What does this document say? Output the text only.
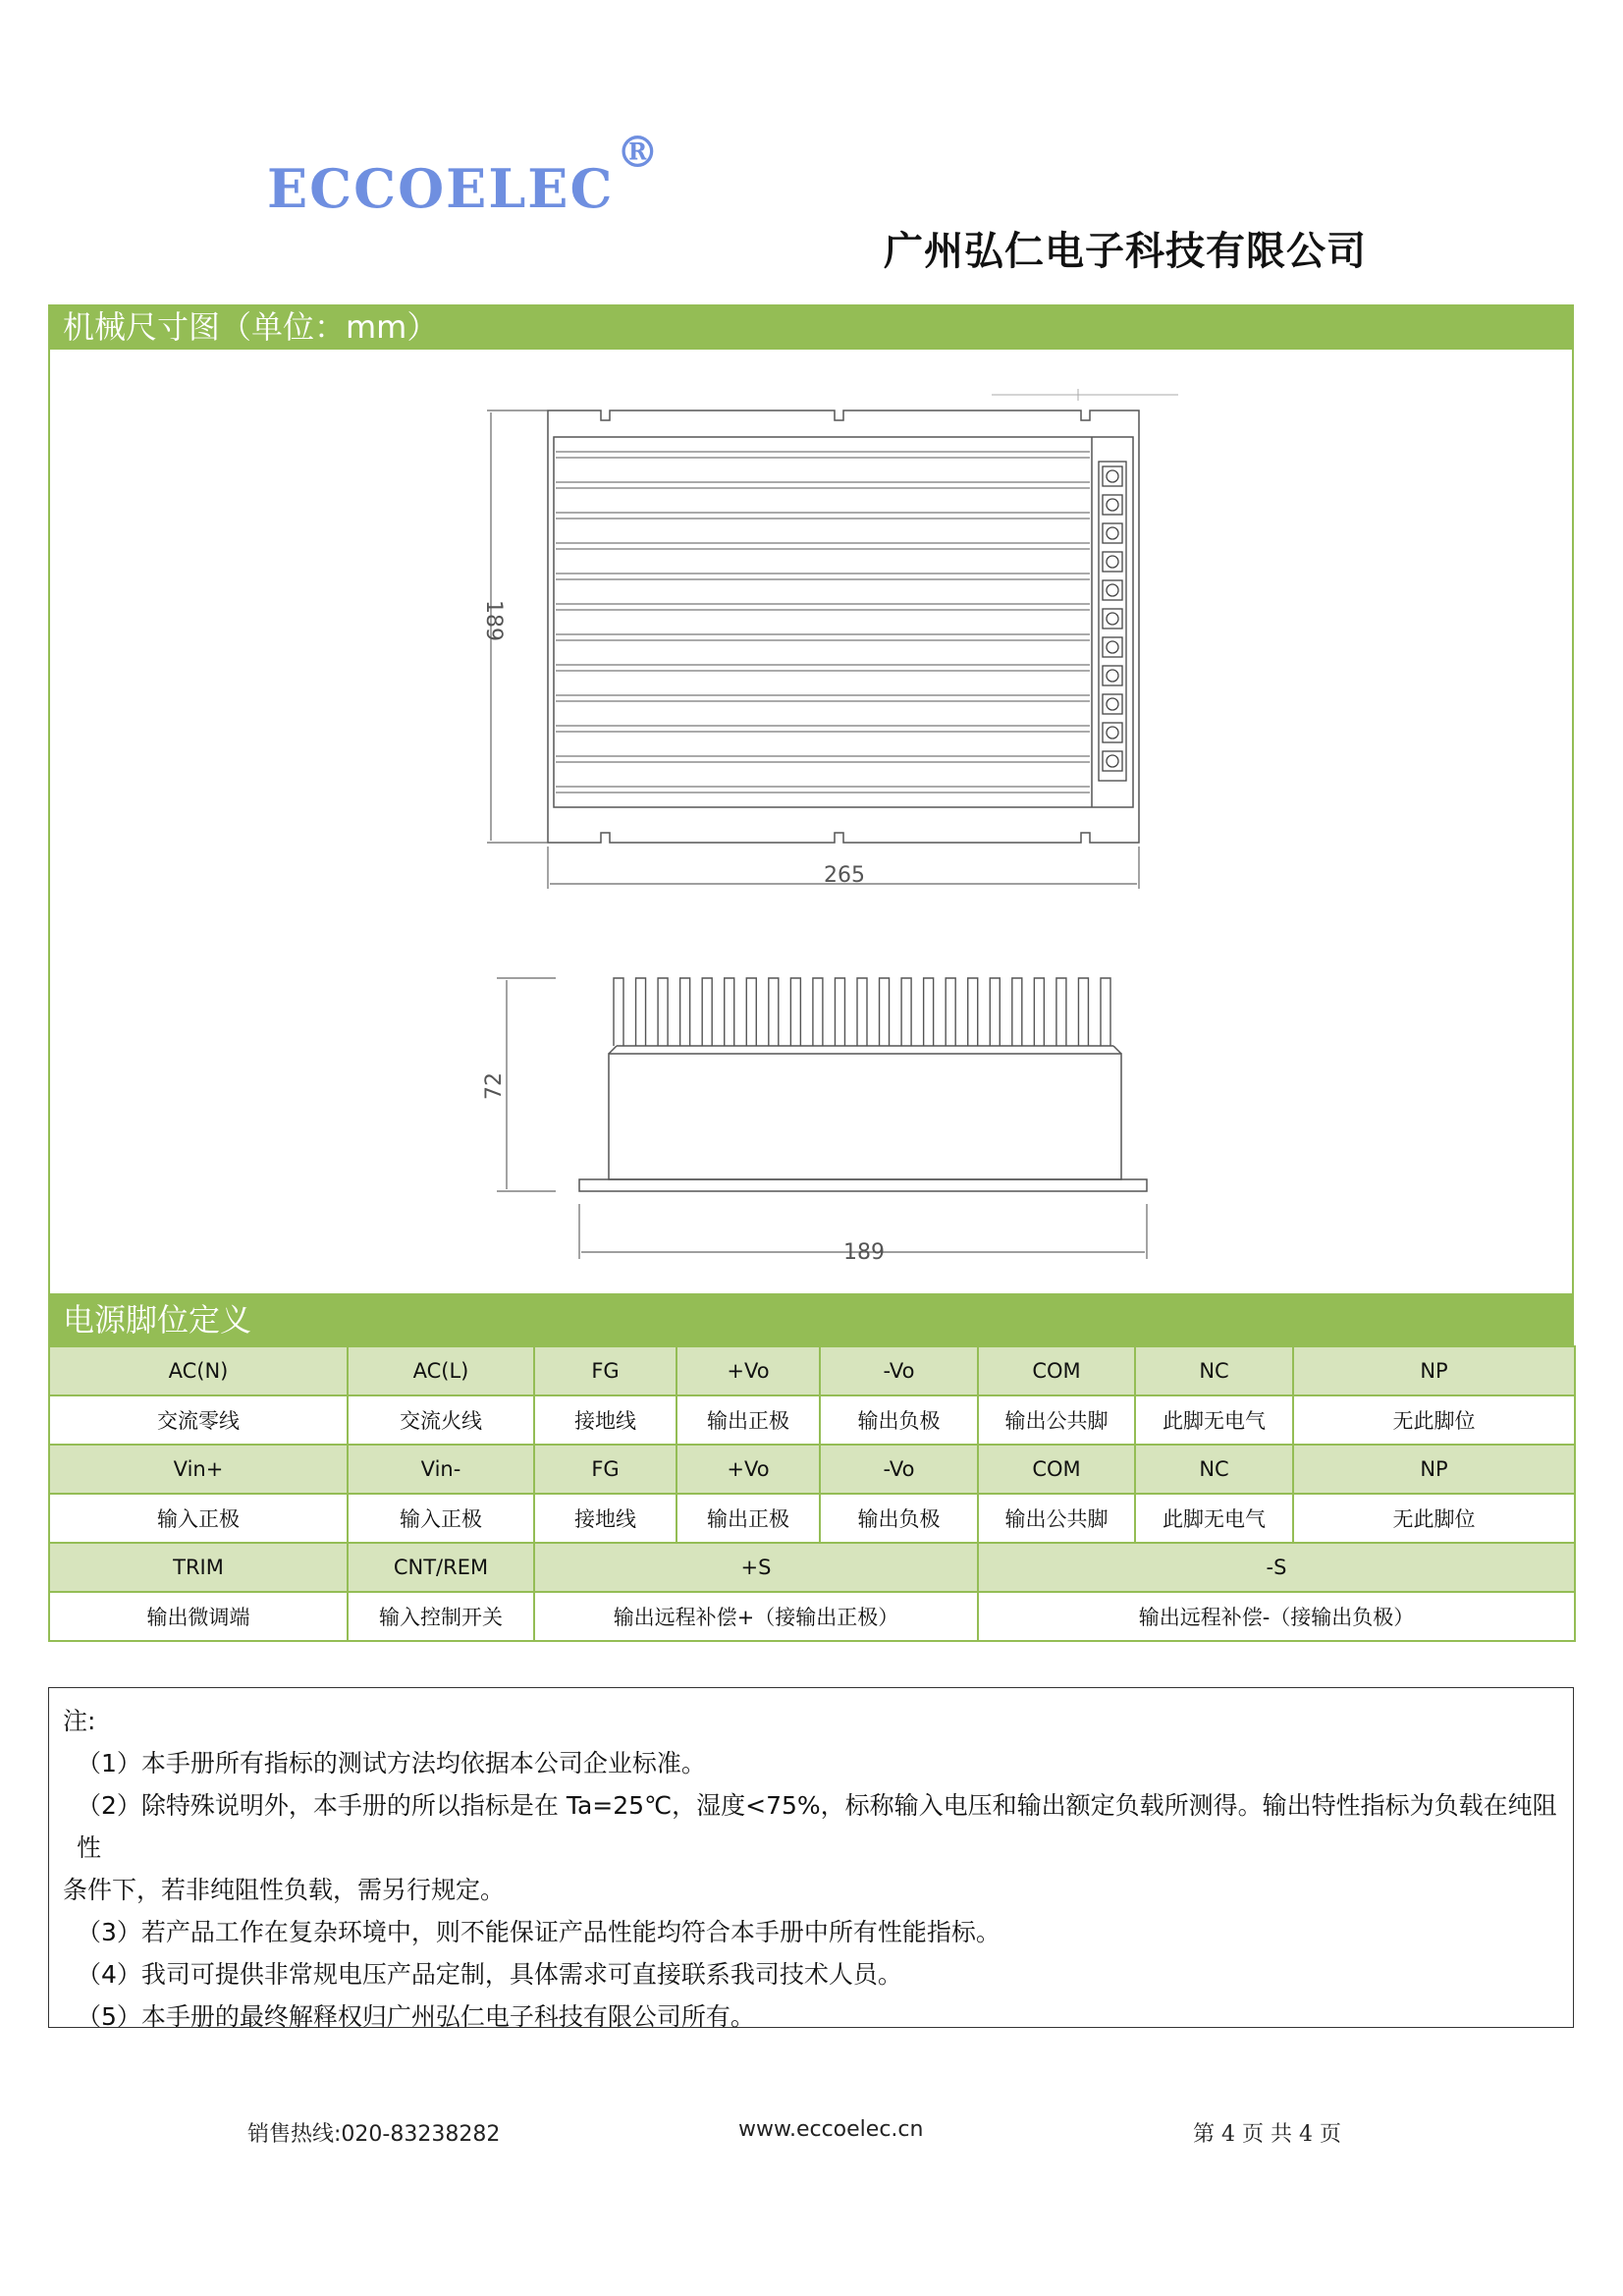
ECCOELEC®
广州弘仁电子科技有限公司
机械尺寸图（单位：mm）
189
265
72
189
电源脚位定义
AC(N)	AC(L)	FG	+Vo	-Vo	COM	NC	NP
交流零线	交流火线	接地线	输出正极	输出负极	输出公共脚	此脚无电气	无此脚位
Vin+	Vin-	FG	+Vo	-Vo	COM	NC	NP
输入正极	输入正极	接地线	输出正极	输出负极	输出公共脚	此脚无电气	无此脚位
TRIM	CNT/REM	+S			-S		
输出微调端	输入控制开关	输出远程补偿+（接输出正极）			输出远程补偿-（接输出负极）		

注:

（1）本手册所有指标的测试方法均依据本公司企业标准。

（2）除特殊说明外，本手册的所以指标是在 Ta=25℃，湿度<75%，标称输入电压和输出额定负载所测得。输出特性指标为负载在纯阻性

条件下，若非纯阻性负载，需另行规定。

（3）若产品工作在复杂环境中，则不能保证产品性能均符合本手册中所有性能指标。

（4）我司可提供非常规电压产品定制，具体需求可直接联系我司技术人员。

（5）本手册的最终解释权归广州弘仁电子科技有限公司所有。

销售热线:020-83238282	www.eccoelec.cn	第 4 页 共 4 页
